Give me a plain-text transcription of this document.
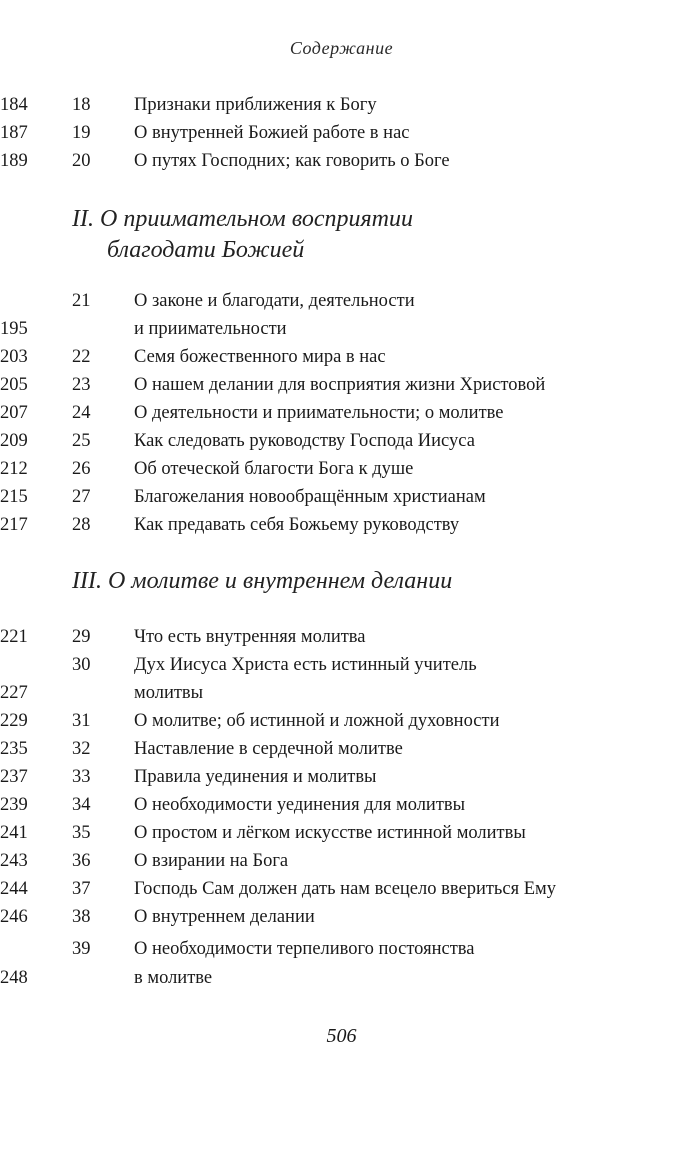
Содержание
18 Признаки приближения к Богу
184
19 О внутренней Божией работе в нас
187
20 О путях Господних; как говорить о Боге
189
II. О приимательном восприятии
благодати Божией
21 О законе и благодати, деятельности
и приимательности
195
22 Семя божественного мира в нас
203
23 О нашем делании для восприятия жизни Христовой
205
24 О деятельности и приимательности; о молитве
207
25 Как следовать руководству Господа Иисуса
209
26 Об отеческой благости Бога к душе
212
27 Благожелания новообращённым христианам
215
28 Как предавать себя Божьему руководству
217
III. О молитве и внутреннем делании
29 Что есть внутренняя молитва
221
30 Дух Иисуса Христа есть истинный учитель
молитвы
227
31 О молитве; об истинной и ложной духовности
229
32 Наставление в сердечной молитве
235
33 Правила уединения и молитвы
237
34 О необходимости уединения для молитвы
239
35 О простом и лёгком искусстве истинной молитвы
241
36 О взирании на Бога
243
37 Господь Сам должен дать нам всецело ввериться Ему
244
38 О внутреннем делании
246
39 О необходимости терпеливого постоянства
в молитве
248
506
